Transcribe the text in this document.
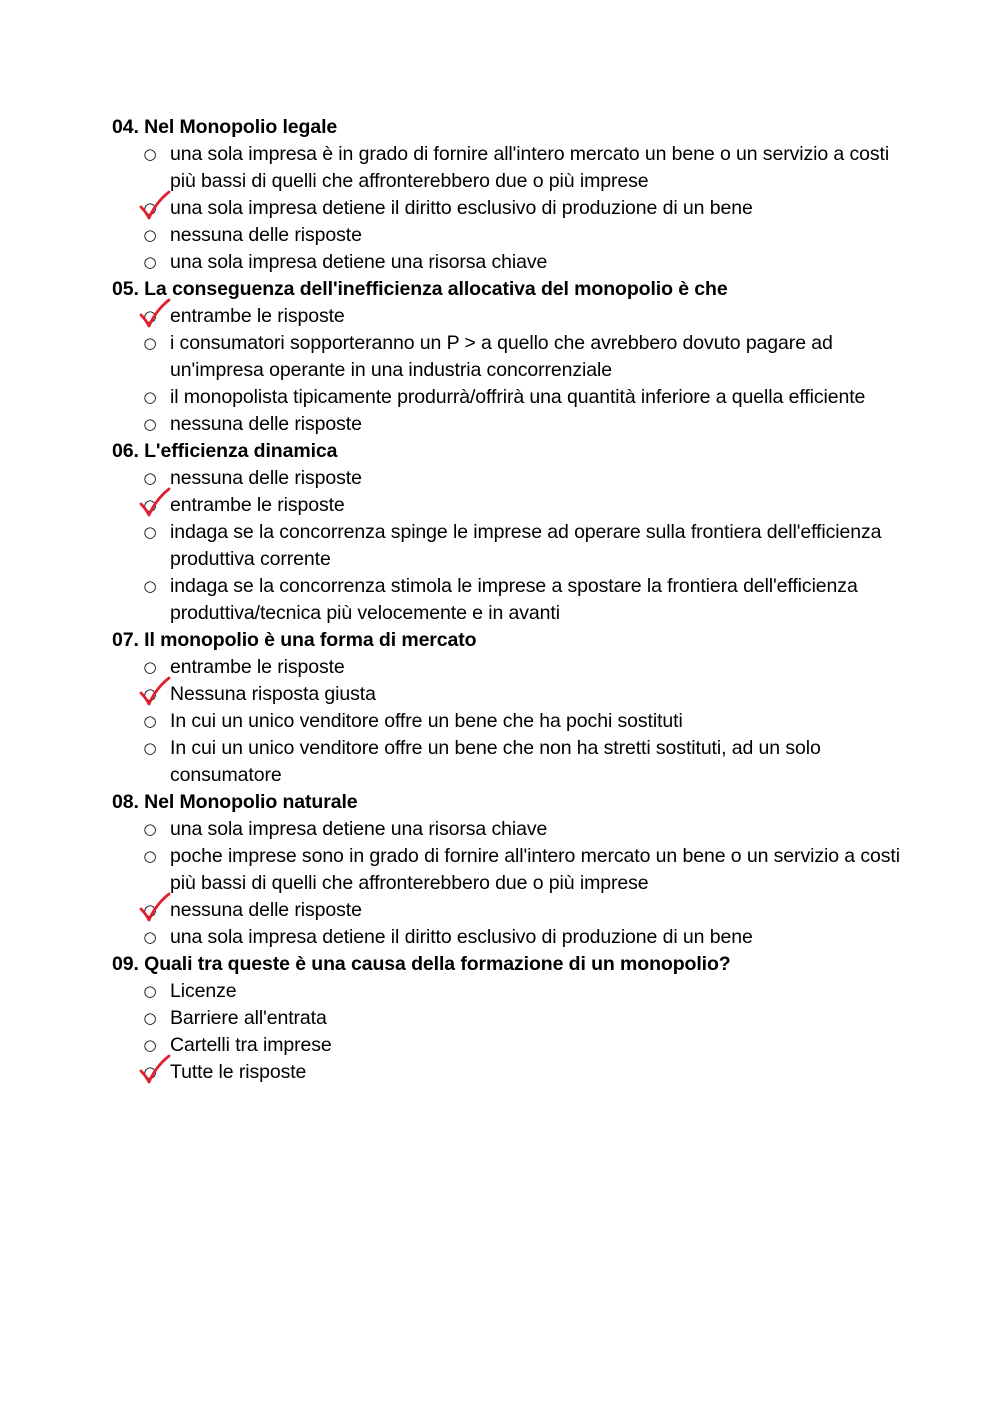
04. Nel Monopolio legale
○ una sola impresa è in grado di fornire all'intero mercato un bene o un servizio a costi più bassi di quelli che affronterebbero due o più imprese
○ una sola impresa detiene il diritto esclusivo di produzione di un bene
○ nessuna delle risposte
○ una sola impresa detiene una risorsa chiave
05. La conseguenza dell'inefficienza allocativa del monopolio è che
○ entrambe le risposte
○ i consumatori sopporteranno un P > a quello che avrebbero dovuto pagare ad un'impresa operante in una industria concorrenziale
○ il monopolista tipicamente produrrà/offrirà una quantità inferiore a quella efficiente
○ nessuna delle risposte
06. L'efficienza dinamica
○ nessuna delle risposte
○ entrambe le risposte
○ indaga se la concorrenza spinge le imprese ad operare sulla frontiera dell'efficienza produttiva corrente
○ indaga se la concorrenza stimola le imprese a spostare la frontiera dell'efficienza produttiva/tecnica più velocemente e in avanti
07. Il monopolio è una forma di mercato
○ entrambe le risposte
○ Nessuna risposta giusta
○ In cui un unico venditore offre un bene che ha pochi sostituti
○ In cui un unico venditore offre un bene che non ha stretti sostituti, ad un solo consumatore
08. Nel Monopolio naturale
○ una sola impresa detiene una risorsa chiave
○ poche imprese sono in grado di fornire all'intero mercato un bene o un servizio a costi più bassi di quelli che affronterebbero due o più imprese
○ nessuna delle risposte
○ una sola impresa detiene il diritto esclusivo di produzione di un bene
09. Quali tra queste è una causa della formazione di un monopolio?
○ Licenze
○ Barriere all'entrata
○ Cartelli tra imprese
○ Tutte le risposte
